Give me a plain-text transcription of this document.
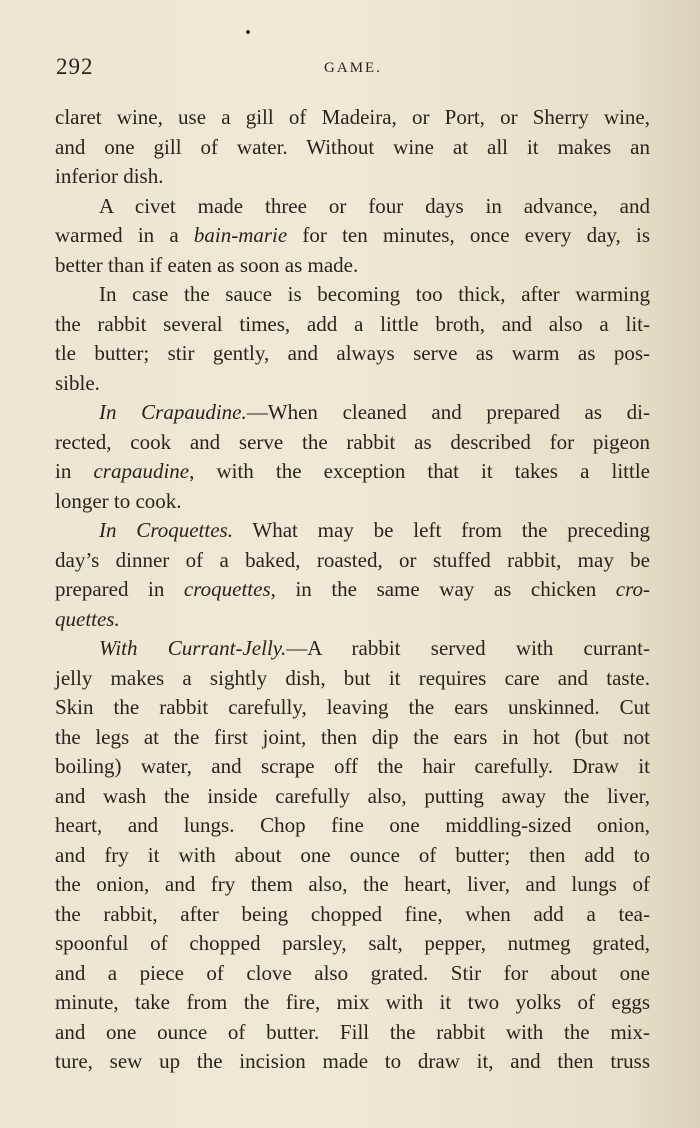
292	GAME.
claret wine, use a gill of Madeira, or Port, or Sherry wine,
and one gill of water. Without wine at all it makes an
inferior dish.
A civet made three or four days in advance, and
warmed in a bain-marie for ten minutes, once every day, is
better than if eaten as soon as made.
In case the sauce is becoming too thick, after warming
the rabbit several times, add a little broth, and also a lit-
tle butter; stir gently, and always serve as warm as pos-
sible.
In Crapaudine.—When cleaned and prepared as di-
rected, cook and serve the rabbit as described for pigeon
in crapaudine, with the exception that it takes a little
longer to cook.
In Croquettes. What may be left from the preceding
day’s dinner of a baked, roasted, or stuffed rabbit, may be
prepared in croquettes, in the same way as chicken cro-
quettes.
With Currant-Jelly.—A rabbit served with currant-
jelly makes a sightly dish, but it requires care and taste.
Skin the rabbit carefully, leaving the ears unskinned. Cut
the legs at the first joint, then dip the ears in hot (but not
boiling) water, and scrape off the hair carefully. Draw it
and wash the inside carefully also, putting away the liver,
heart, and lungs. Chop fine one middling-sized onion,
and fry it with about one ounce of butter; then add to
the onion, and fry them also, the heart, liver, and lungs of
the rabbit, after being chopped fine, when add a tea-
spoonful of chopped parsley, salt, pepper, nutmeg grated,
and a piece of clove also grated. Stir for about one
minute, take from the fire, mix with it two yolks of eggs
and one ounce of butter. Fill the rabbit with the mix-
ture, sew up the incision made to draw it, and then truss
